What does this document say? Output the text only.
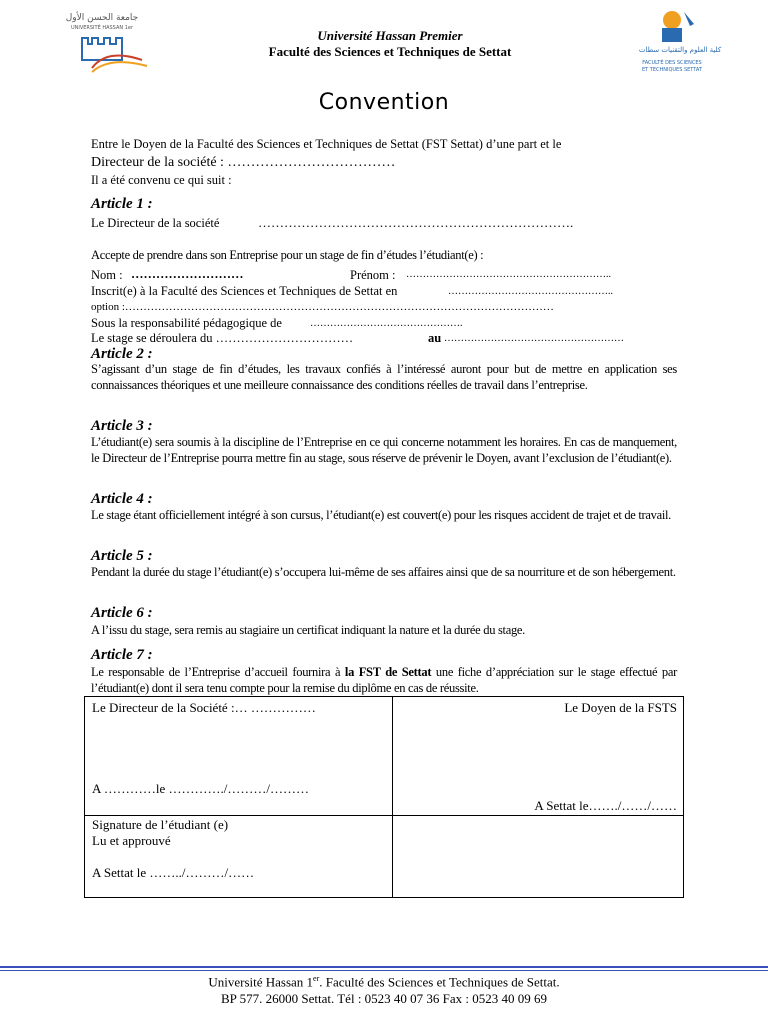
جامعة الحسن الأول
UNIVERSITÉ HASSAN 1er	Université Hassan Premier
Faculté des Sciences et Techniques de Settat	كلية العلوم والتقنيات سطات
FACULTÉ DES SCIENCES
ET TECHNIQUES SETTAT
Convention
Entre le Doyen de la Faculté des Sciences et Techniques de Settat (FST Settat) d’une part et le
Directeur de la société : ………………………………
Il a été convenu ce qui suit :
Article 1 :
Le Directeur de la société	……………………………………………………………….
Accepte de prendre dans son Entreprise pour un stage de fin d’études l’étudiant(e) :
Nom : ………………………	Prénom : ……………………………………………………..
Inscrit(e) à la Faculté des Sciences et Techniques de Settat en	…………………………………………..
option :………………………………………………………………………………………………………
Sous la responsabilité pédagogique de	……………………………………….
Le stage se déroulera du ……………………………	au ………………………………………………
Article 2 :
S’agissant d’un stage de fin d’études, les travaux confiés à l’intéressé auront pour but de mettre en application ses connaissances théoriques et une meilleure connaissance des conditions réelles de travail dans l’entreprise.
Article 3 :
L’étudiant(e) sera soumis à la discipline de l’Entreprise en ce qui concerne notamment les horaires. En cas de manquement, le Directeur de l’Entreprise pourra mettre fin au stage, sous réserve de prévenir le Doyen, avant l’exclusion de l’étudiant(e).
Article 4 :
Le stage étant officiellement intégré à son cursus, l’étudiant(e) est couvert(e) pour les risques accident de trajet et de travail.
Article 5 :
Pendant la durée du stage l’étudiant(e) s’occupera lui-même de ses affaires ainsi que de sa nourriture et de son hébergement.
Article 6 :
A l’issu du stage, sera remis au stagiaire un certificat indiquant la nature et la durée du stage.
Article 7 :
Le responsable de l’Entreprise d’accueil fournira à la FST de Settat une fiche d’appréciation sur le stage effectué par l’étudiant(e) dont il sera tenu compte pour la remise du diplôme en cas de réussite.
Le Directeur de la Société :… ……………
A …………le …………./………/………
Le Doyen de la FSTS
A Settat le……./……/……
Signature de l’étudiant (e)
Lu et approuvé
A Settat le ……../………/……
Université Hassan 1er. Faculté des Sciences et Techniques de Settat.
BP 577. 26000 Settat. Tél : 0523 40 07 36 Fax : 0523 40 09 69
